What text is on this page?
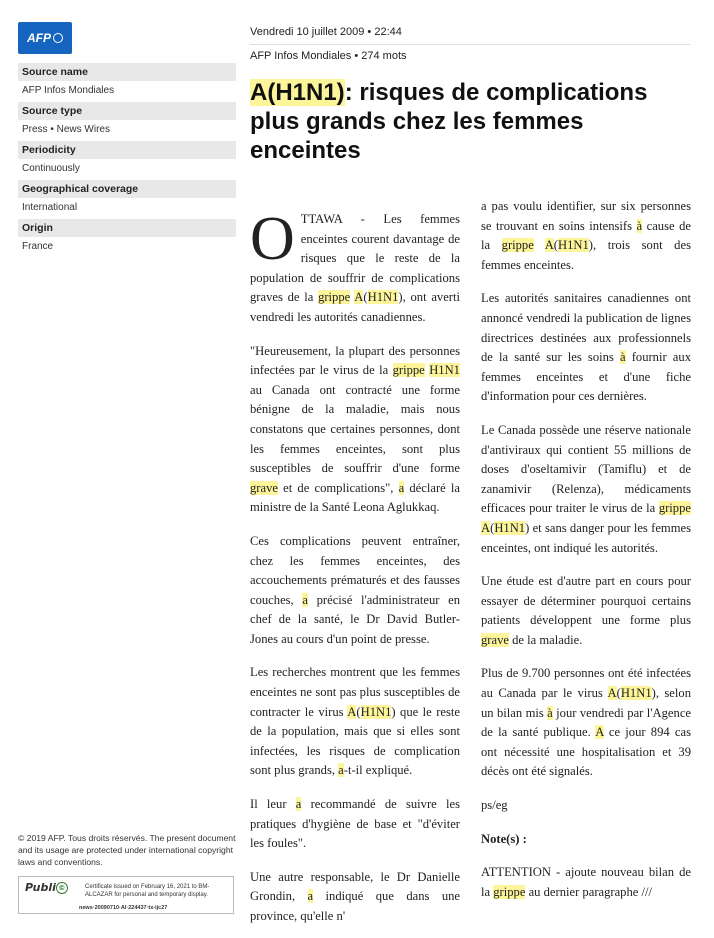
AFP
Source name
AFP Infos Mondiales
Source type
Press • News Wires
Periodicity
Continuously
Geographical coverage
International
Origin
France
© 2019 AFP. Tous droits réservés. The present document and its usage are protected under international copyright laws and conventions.
Publi ©	Certificate issued on February 16, 2021 to BM-ALCAZAR for personal and temporary display.
news·20090710·AI·224437·tx-ijc27
Vendredi 10 juillet 2009 • 22:44
AFP Infos Mondiales • 274 mots
A(H1N1): risques de complications plus grands chez les femmes enceintes

OTTAWA - Les femmes enceintes courent davantage de risques que le reste de la population de souffrir de complications graves de la grippe A(H1N1), ont averti vendredi les autorités canadiennes.

"Heureusement, la plupart des personnes infectées par le virus de la grippe H1N1 au Canada ont contracté une forme bénigne de la maladie, mais nous constatons que certaines personnes, dont les femmes enceintes, sont plus susceptibles de souffrir d'une forme grave et de complications", a déclaré la ministre de la Santé Leona Aglukkaq.

Ces complications peuvent entraîner, chez les femmes enceintes, des accouchements prématurés et des fausses couches, a précisé l'administrateur en chef de la santé, le Dr David Butler-Jones au cours d'un point de presse.

Les recherches montrent que les femmes enceintes ne sont pas plus susceptibles de contracter le virus A(H1N1) que le reste de la population, mais que si elles sont infectées, les risques de complication sont plus grands, a-t-il expliqué.

Il leur a recommandé de suivre les pratiques d'hygiène de base et "d'éviter les foules".

Une autre responsable, le Dr Danielle Grondin, a indiqué que dans une province, qu'elle n'

a pas voulu identifier, sur six personnes se trouvant en soins intensifs à cause de la grippe A(H1N1), trois sont des femmes enceintes.

Les autorités sanitaires canadiennes ont annoncé vendredi la publication de lignes directrices destinées aux professionnels de la santé sur les soins à fournir aux femmes enceintes et d'une fiche d'information pour ces dernières.

Le Canada possède une réserve nationale d'antiviraux qui contient 55 millions de doses d'oseltamivir (Tamiflu) et de zanamivir (Relenza), médicaments efficaces pour traiter le virus de la grippe A(H1N1) et sans danger pour les femmes enceintes, ont indiqué les autorités.

Une étude est d'autre part en cours pour essayer de déterminer pourquoi certains patients développent une forme plus grave de la maladie.

Plus de 9.700 personnes ont été infectées au Canada par le virus A(H1N1), selon un bilan mis à jour vendredi par l'Agence de la santé publique. A ce jour 894 cas ont nécessité une hospitalisation et 39 décès ont été signalés.

ps/eg

Note(s) :

ATTENTION - ajoute nouveau bilan de la grippe au dernier paragraphe ///
